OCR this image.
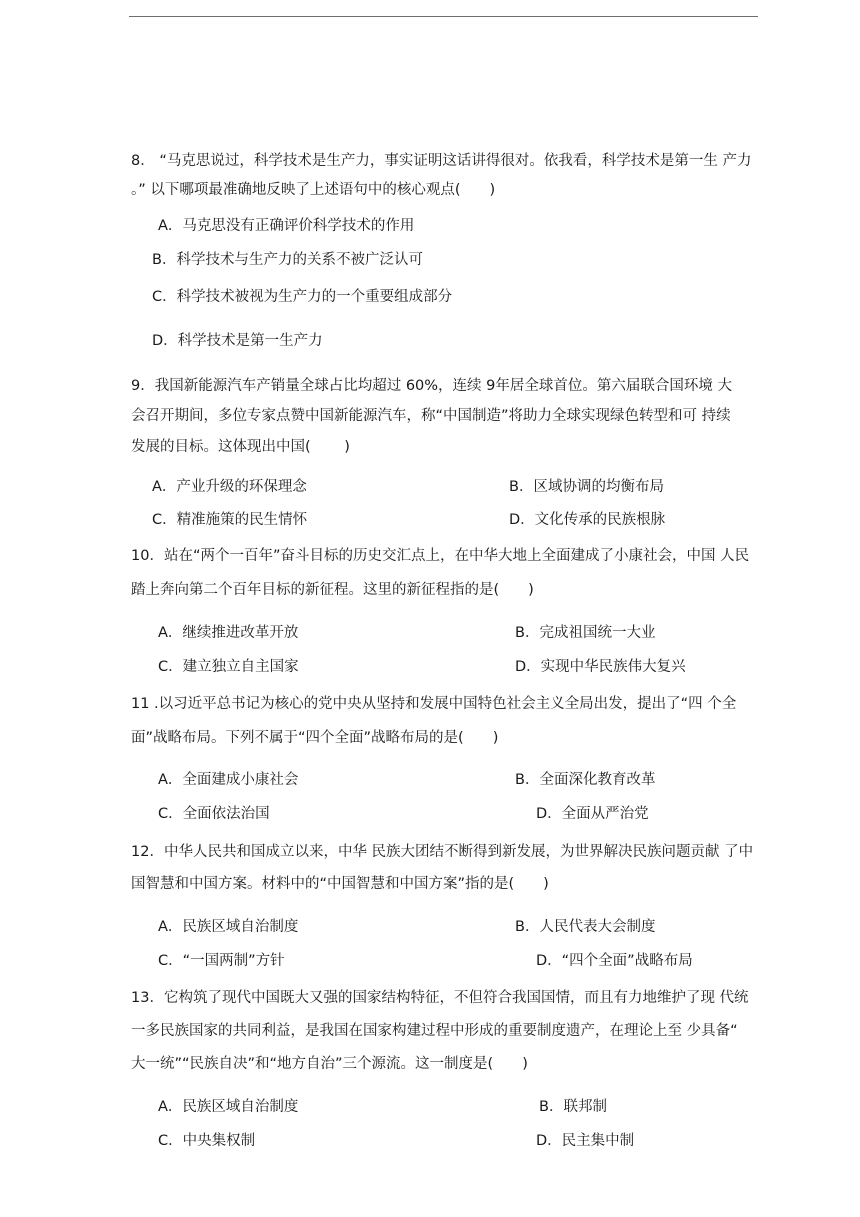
8． “马克思说过，科学技术是生产力，事实证明这话讲得很对。依我看，科学技术是第一生 产力
。” 以下哪项最准确地反映了上述语句中的核心观点(　　)
A．马克思没有正确评价科学技术的作用
B．科学技术与生产力的关系不被广泛认可
C．科学技术被视为生产力的一个重要组成部分
D．科学技术是第一生产力
9．我国新能源汽车产销量全球占比均超过 60%，连续 9年居全球首位。第六届联合国环境 大
会召开期间，多位专家点赞中国新能源汽车，称“中国制造”将助力全球实现绿色转型和可 持续
发展的目标。这体现出中国(　　 )
A．产业升级的环保理念	B．区域协调的均衡布局
C．精准施策的民生情怀	D．文化传承的民族根脉
10．站在“两个一百年”奋斗目标的历史交汇点上，在中华大地上全面建成了小康社会，中国 人民
踏上奔向第二个百年目标的新征程。这里的新征程指的是(　　)
A．继续推进改革开放	B．完成祖国统一大业
C．建立独立自主国家	D．实现中华民族伟大复兴
11 .以习近平总书记为核心的党中央从坚持和发展中国特色社会主义全局出发，提出了“四 个全
面”战略布局。下列不属于“四个全面”战略布局的是(　　)
A．全面建成小康社会	B．全面深化教育改革
C．全面依法治国	D．全面从严治党
12．中华人民共和国成立以来，中华 民族大团结不断得到新发展，为世界解决民族问题贡献 了中
国智慧和中国方案。材料中的“中国智慧和中国方案”指的是(　　)
A．民族区域自治制度	B．人民代表大会制度
C．“一国两制”方针	D．“四个全面”战略布局
13．它构筑了现代中国既大又强的国家结构特征，不但符合我国国情，而且有力地维护了现 代统
一多民族国家的共同利益，是我国在国家构建过程中形成的重要制度遗产，在理论上至 少具备“
大一统”“民族自决”和“地方自治”三个源流。这一制度是(　　)
A．民族区域自治制度	B．联邦制
C．中央集权制	D．民主集中制
